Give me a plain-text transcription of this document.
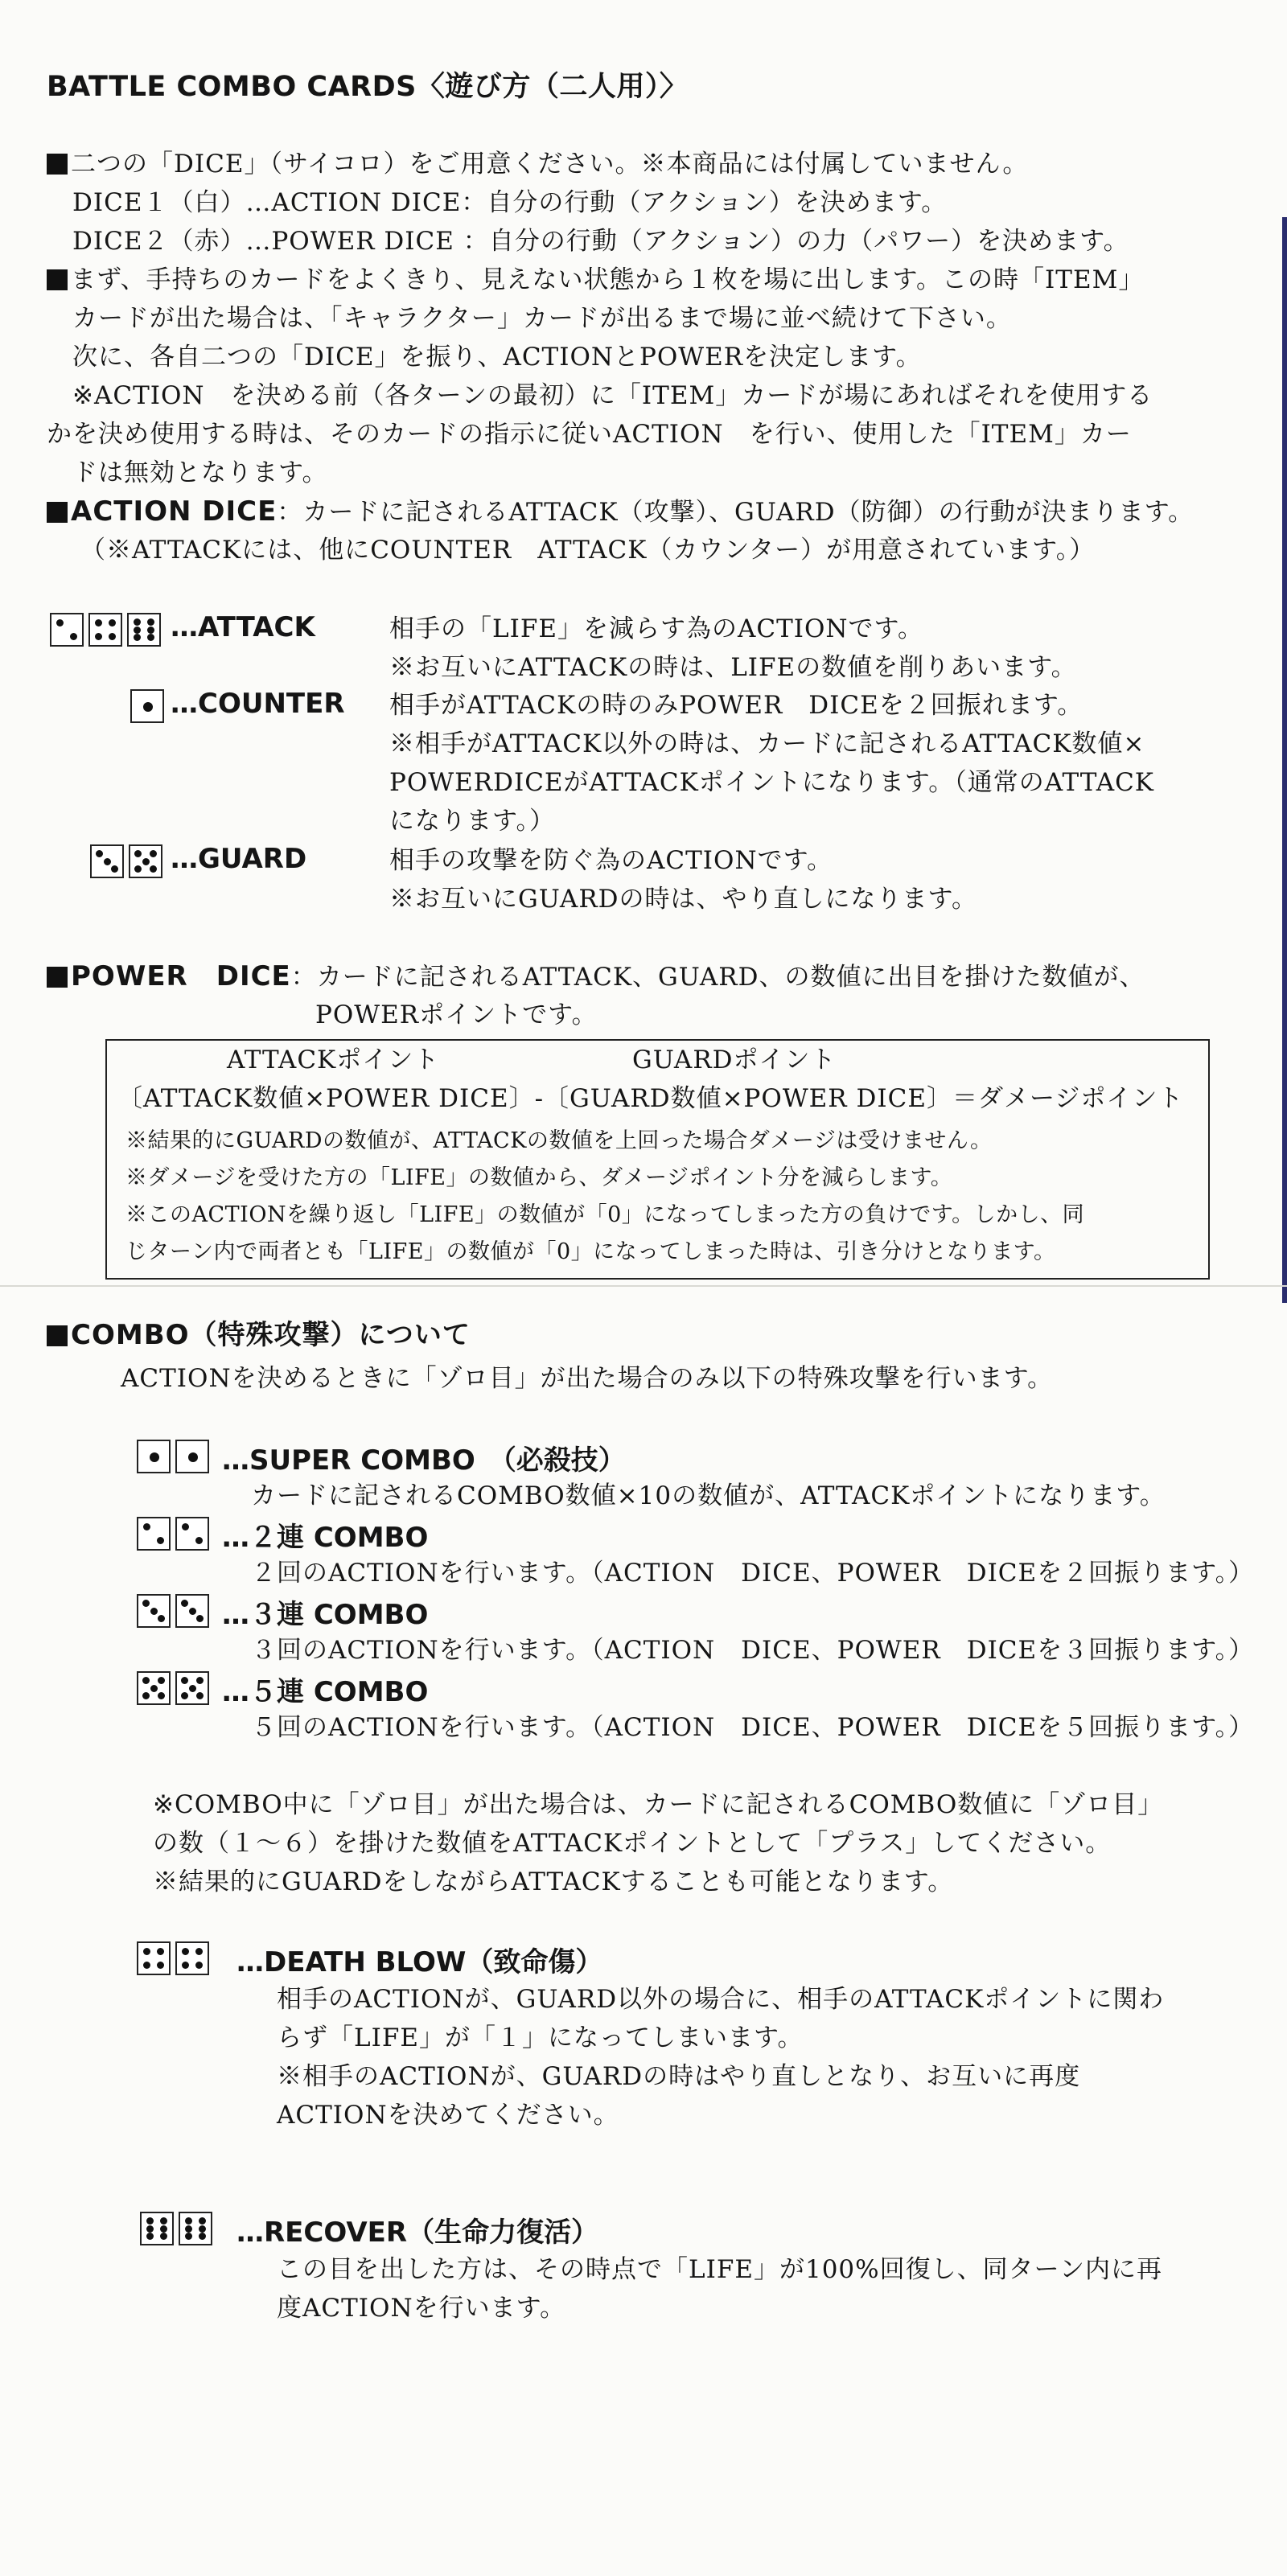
BATTLE COMBO CARDS〈遊び方（二人用）〉
二つの「DICE」（サイコロ）をご用意ください。※本商品には付属していません。
DICE１（白）…ACTION DICE：自分の行動（アクション）を決めます。
DICE２（赤）…POWER DICE ：自分の行動（アクション）の力（パワー）を決めます。
まず、手持ちのカードをよくきり、見えない状態から１枚を場に出します。この時「ITEM」
カードが出た場合は、「キャラクター」カードが出るまで場に並べ続けて下さい。
次に、各自二つの「DICE」を振り、ACTIONとPOWERを決定します。
※ACTION　を決める前（各ターンの最初）に「ITEM」カードが場にあればそれを使用する
かを決め使用する時は、そのカードの指示に従いACTION　を行い、使用した「ITEM」カー
ドは無効となります。
ACTION DICE：カードに記されるATTACK（攻撃）、GUARD（防御）の行動が決まります。
（※ATTACKには、他にCOUNTER　ATTACK（カウンター）が用意されています。）
…ATTACK	相手の「LIFE」を減らす為のACTIONです。
※お互いにATTACKの時は、LIFEの数値を削りあいます。
…COUNTER 相手がATTACKの時のみPOWER　DICEを２回振れます。
※相手がATTACK以外の時は、カードに記されるATTACK数値×
POWERDICEがATTACKポイントになります。（通常のATTACK
になります。）
…GUARD	相手の攻撃を防ぐ為のACTIONです。
※お互いにGUARDの時は、やり直しになります。
POWER　DICE：カードに記されるATTACK、GUARD、の数値に出目を掛けた数値が、
POWERポイントです。
ATTACKポイント	GUARDポイント
〔ATTACK数値×POWER DICE〕-〔GUARD数値×POWER DICE〕＝ダメージポイント
※結果的にGUARDの数値が、ATTACKの数値を上回った場合ダメージは受けません。
※ダメージを受けた方の「LIFE」の数値から、ダメージポイント分を減らします。
※このACTIONを繰り返し「LIFE」の数値が「0」になってしまった方の負けです。しかし、同
じターン内で両者とも「LIFE」の数値が「0」になってしまった時は、引き分けとなります。
COMBO（特殊攻撃）について
ACTIONを決めるときに「ゾロ目」が出た場合のみ以下の特殊攻撃を行います。
…SUPER COMBO　（必殺技）
カードに記されるCOMBO数値×10の数値が、ATTACKポイントになります。
…２連 COMBO
２回のACTIONを行います。（ACTION　DICE、POWER　DICEを２回振ります。）
…３連 COMBO
３回のACTIONを行います。（ACTION　DICE、POWER　DICEを３回振ります。）
…５連 COMBO
５回のACTIONを行います。（ACTION　DICE、POWER　DICEを５回振ります。）
※COMBO中に「ゾロ目」が出た場合は、カードに記されるCOMBO数値に「ゾロ目」
の数（１～６）を掛けた数値をATTACKポイントとして「プラス」してください。
※結果的にGUARDをしながらATTACKすることも可能となります。
…DEATH BLOW（致命傷）
相手のACTIONが、GUARD以外の場合に、相手のATTACKポイントに関わ
らず「LIFE」が「１」になってしまいます。
※相手のACTIONが、GUARDの時はやり直しとなり、お互いに再度
ACTIONを決めてください。
…RECOVER（生命力復活）
この目を出した方は、その時点で「LIFE」が100%回復し、同ターン内に再
度ACTIONを行います。
